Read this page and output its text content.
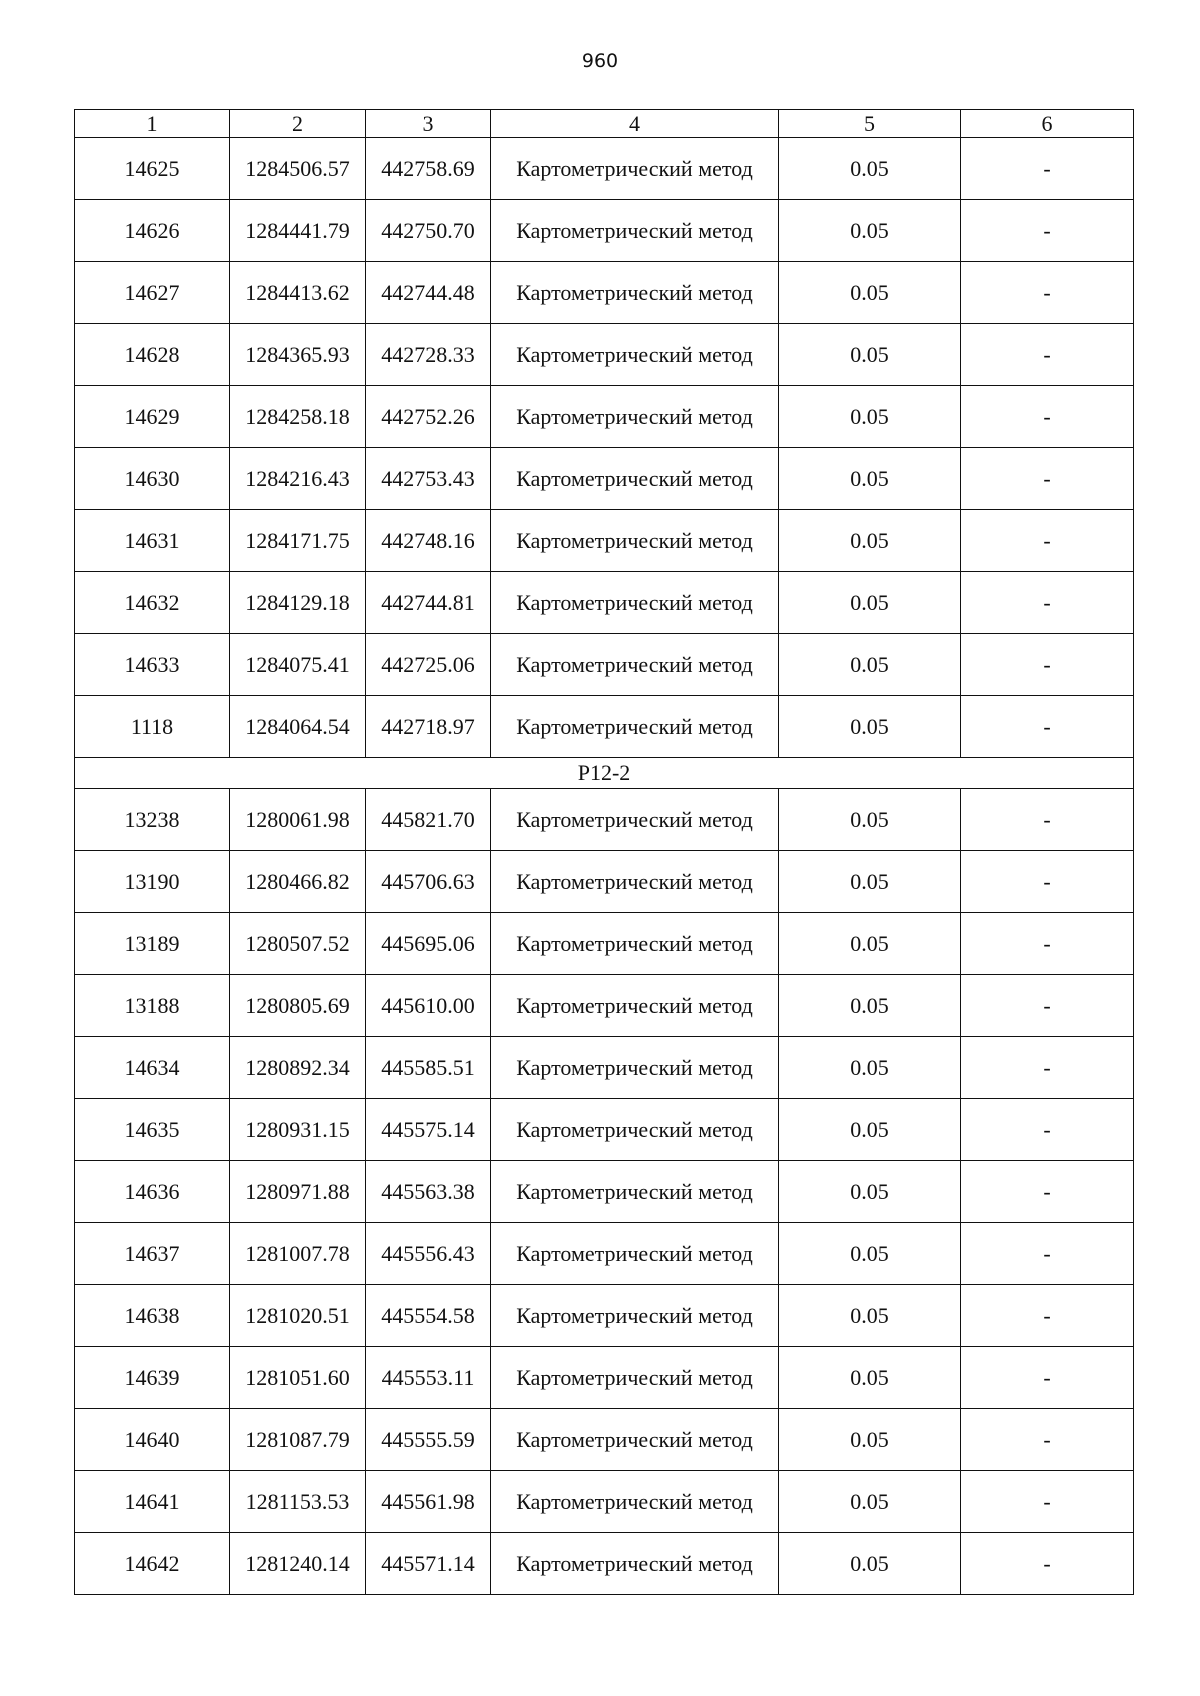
960
1	2	3	4	5	6
14625	1284506.57	442758.69	Картометрический метод	0.05	-
14626	1284441.79	442750.70	Картометрический метод	0.05	-
14627	1284413.62	442744.48	Картометрический метод	0.05	-
14628	1284365.93	442728.33	Картометрический метод	0.05	-
14629	1284258.18	442752.26	Картометрический метод	0.05	-
14630	1284216.43	442753.43	Картометрический метод	0.05	-
14631	1284171.75	442748.16	Картометрический метод	0.05	-
14632	1284129.18	442744.81	Картометрический метод	0.05	-
14633	1284075.41	442725.06	Картометрический метод	0.05	-
1118	1284064.54	442718.97	Картометрический метод	0.05	-
Р12-2					
13238	1280061.98	445821.70	Картометрический метод	0.05	-
13190	1280466.82	445706.63	Картометрический метод	0.05	-
13189	1280507.52	445695.06	Картометрический метод	0.05	-
13188	1280805.69	445610.00	Картометрический метод	0.05	-
14634	1280892.34	445585.51	Картометрический метод	0.05	-
14635	1280931.15	445575.14	Картометрический метод	0.05	-
14636	1280971.88	445563.38	Картометрический метод	0.05	-
14637	1281007.78	445556.43	Картометрический метод	0.05	-
14638	1281020.51	445554.58	Картометрический метод	0.05	-
14639	1281051.60	445553.11	Картометрический метод	0.05	-
14640	1281087.79	445555.59	Картометрический метод	0.05	-
14641	1281153.53	445561.98	Картометрический метод	0.05	-
14642	1281240.14	445571.14	Картометрический метод	0.05	-
